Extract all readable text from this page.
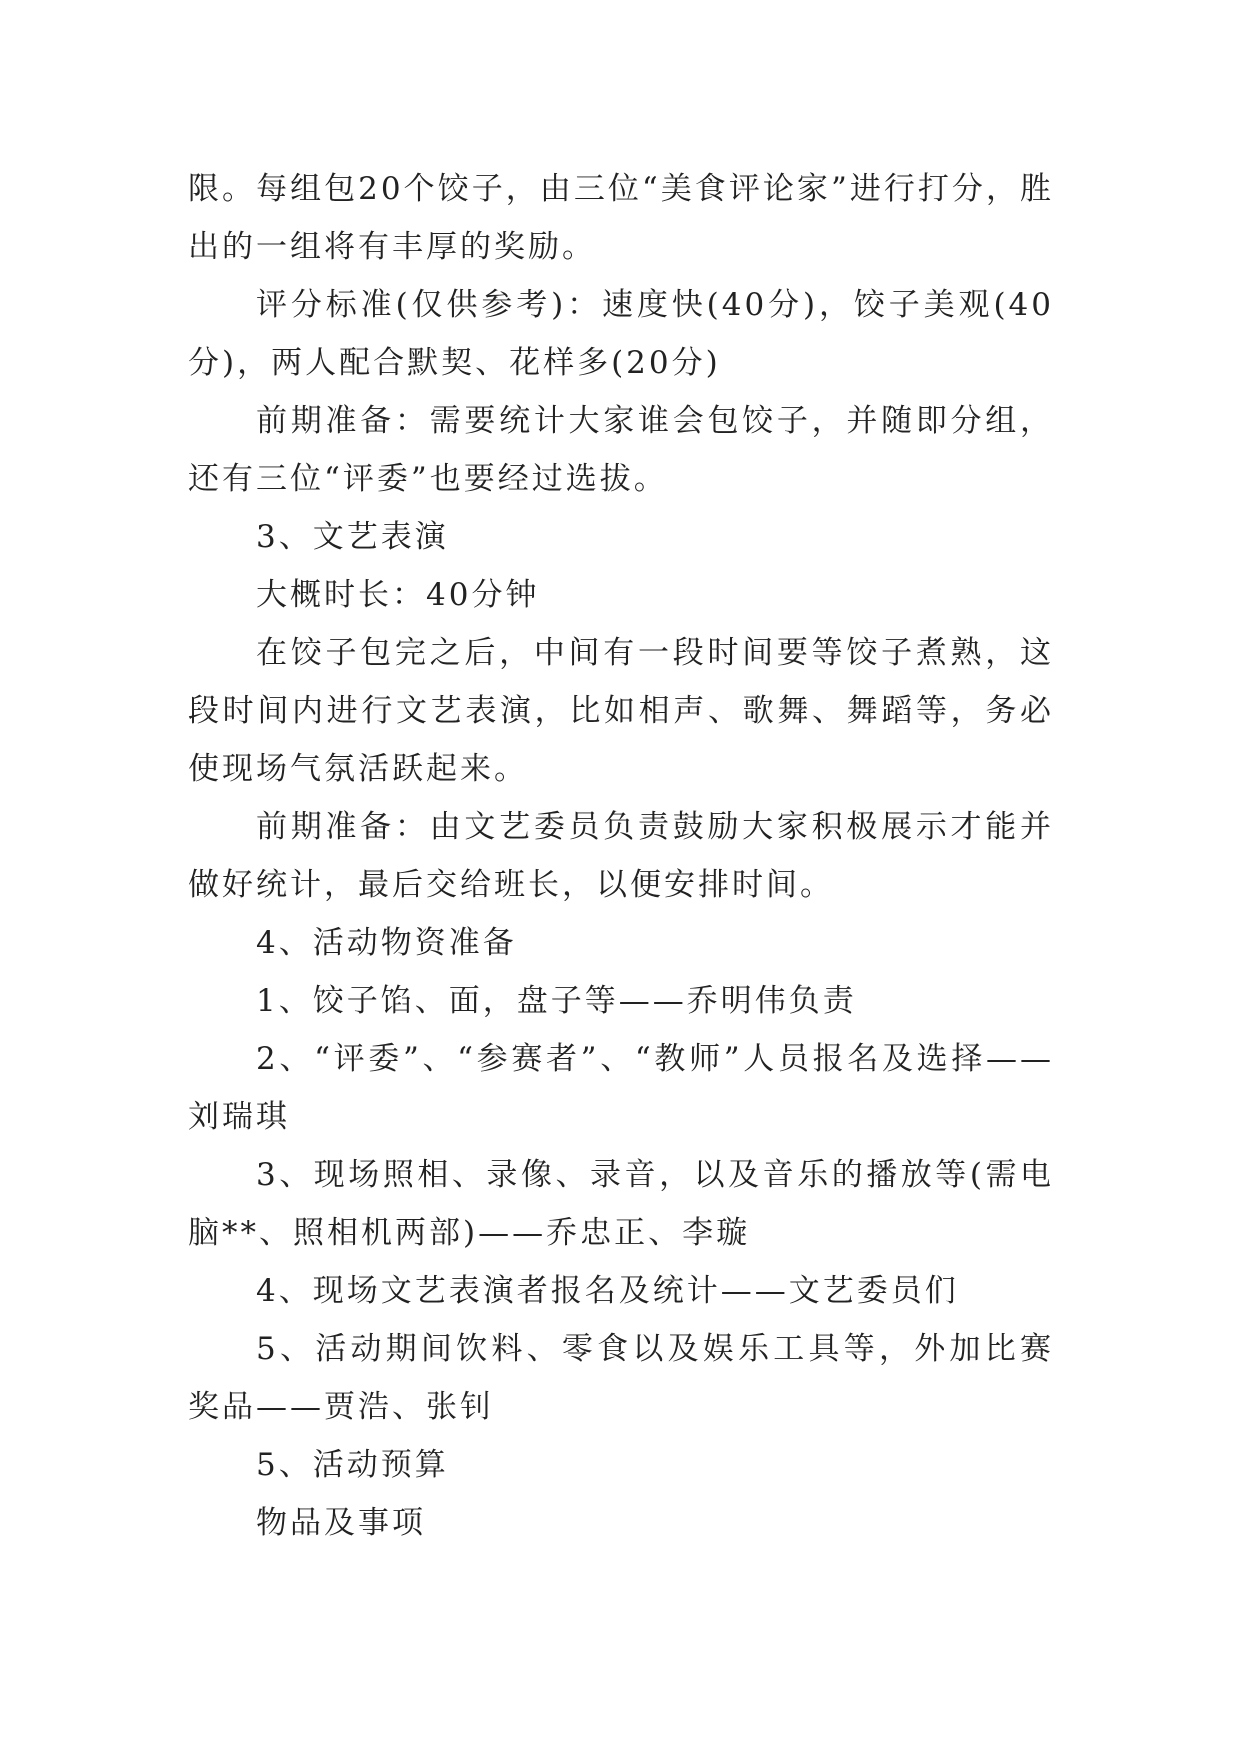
限。每组包20个饺子，由三位“美食评论家”进行打分，胜出的一组将有丰厚的奖励。

评分标准(仅供参考)：速度快(40分)，饺子美观(40分)，两人配合默契、花样多(20分)

前期准备：需要统计大家谁会包饺子，并随即分组，还有三位“评委”也要经过选拔。

3、文艺表演

大概时长：40分钟

在饺子包完之后，中间有一段时间要等饺子煮熟，这段时间内进行文艺表演，比如相声、歌舞、舞蹈等，务必使现场气氛活跃起来。

前期准备：由文艺委员负责鼓励大家积极展示才能并做好统计，最后交给班长，以便安排时间。

4、活动物资准备

1、饺子馅、面，盘子等——乔明伟负责

2、“评委”、“参赛者”、“教师”人员报名及选择——刘瑞琪

3、现场照相、录像、录音，以及音乐的播放等(需电脑**、照相机两部)——乔忠正、李璇

4、现场文艺表演者报名及统计——文艺委员们

5、活动期间饮料、零食以及娱乐工具等，外加比赛奖品——贾浩、张钊

5、活动预算

物品及事项
